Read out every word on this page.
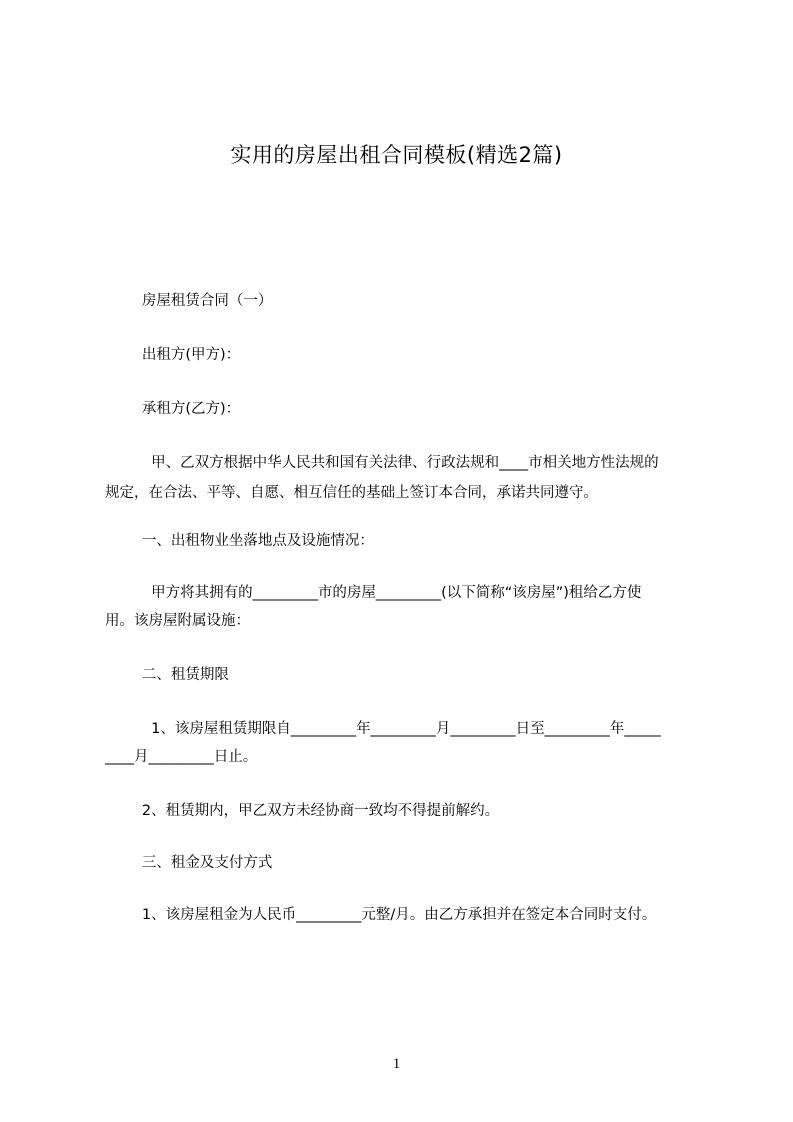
实用的房屋出租合同模板(精选2篇)
房屋租赁合同（一）
出租方(甲方)：
承租方(乙方)：
甲、乙双方根据中华人民共和国有关法律、行政法规和____市相关地方性法规的
规定，在合法、平等、自愿、相互信任的基础上签订本合同，承诺共同遵守。
一、出租物业坐落地点及设施情况：
甲方将其拥有的_________市的房屋_________(以下简称“该房屋”)租给乙方使
用。该房屋附属设施：
二、租赁期限
1、该房屋租赁期限自_________年_________月_________日至_________年_____
____月_________日止。
2、租赁期内，甲乙双方未经协商一致均不得提前解约。
三、租金及支付方式
1、该房屋租金为人民币_________元整/月。由乙方承担并在签定本合同时支付。
1
